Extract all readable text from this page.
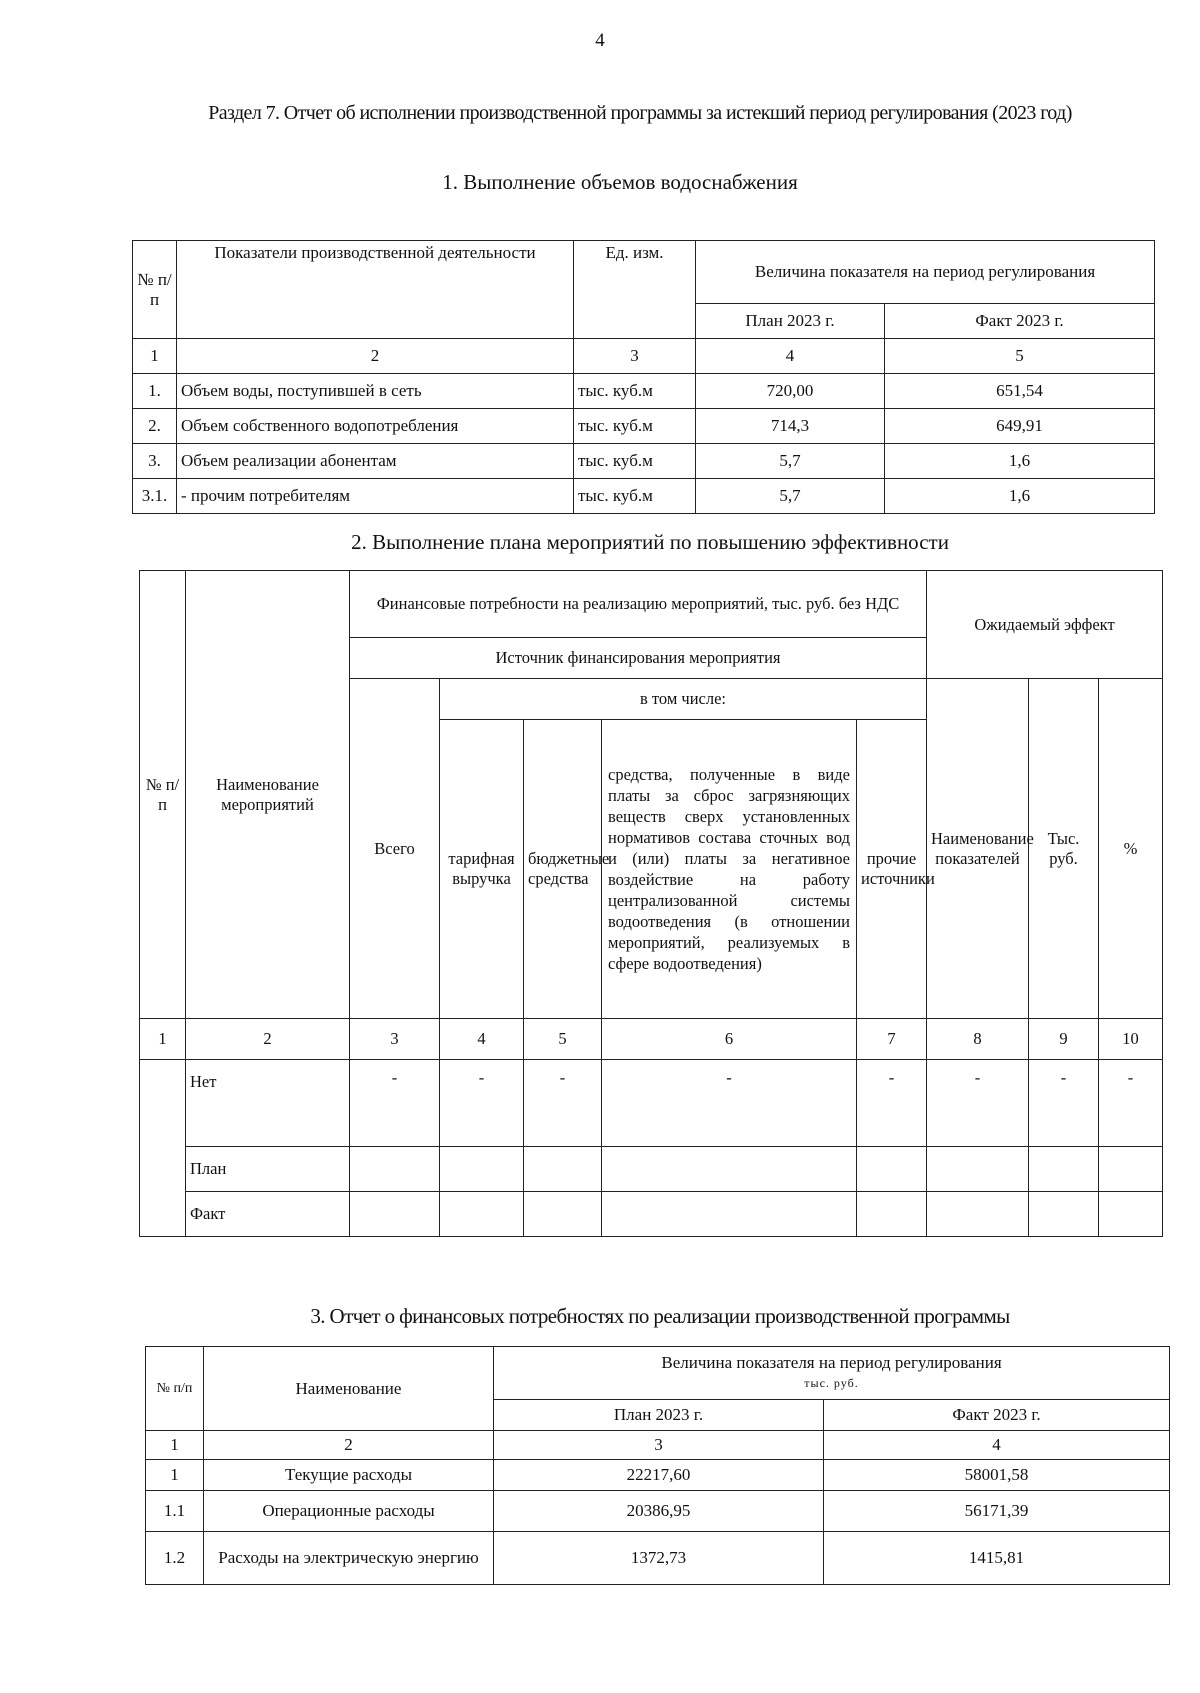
4
Раздел 7. Отчет об исполнении производственной программы за истекший период регулирования (2023 год)
1. Выполнение объемов водоснабжения
№ п/п	Показатели производственной деятельности	Ед. изм.	Величина показателя на период регулирования	
			План 2023 г.	Факт 2023 г.
1	2	3	4	5
1.	Объем воды, поступившей в сеть	тыс. куб.м	720,00	651,54
2.	Объем собственного водопотребления	тыс. куб.м	714,3	649,91
3.	Объем реализации абонентам	тыс. куб.м	5,7	1,6
3.1.	- прочим потребителям	тыс. куб.м	5,7	1,6
2. Выполнение плана мероприятий по повышению эффективности
№ п/п	Наименование мероприятий	Финансовые потребности на реализацию мероприятий, тыс. руб. без НДС					Ожидаемый эффект		
		Источник финансирования мероприятия							
		Всего	в том числе:				Наименование показателей	Тыс. руб.	%
			тарифная выручка	бюджетные средства	средства, полученные в виде платы за сброс загрязняющих веществ сверх установленных нормативов состава сточных вод и (или) платы за негативное воздействие на работу централизованной системы водоотведения (в отношении мероприятий, реализуемых в сфере водоотведения)	прочие источники			

1	2	3	4	5	6	7	8	9	10
	Нет	-	-	-	-	-	-	-	-
	План								
	Факт								
3. Отчет о финансовых потребностях по реализации производственной программы
№ п/п	Наименование	Величина показателя на период регулирования
тыс. руб.	

		План 2023 г.	Факт 2023 г.
1	2	3	4
1	Текущие расходы	22217,60	58001,58
1.1	Операционные расходы	20386,95	56171,39
1.2	Расходы на электрическую энергию	1372,73	1415,81
